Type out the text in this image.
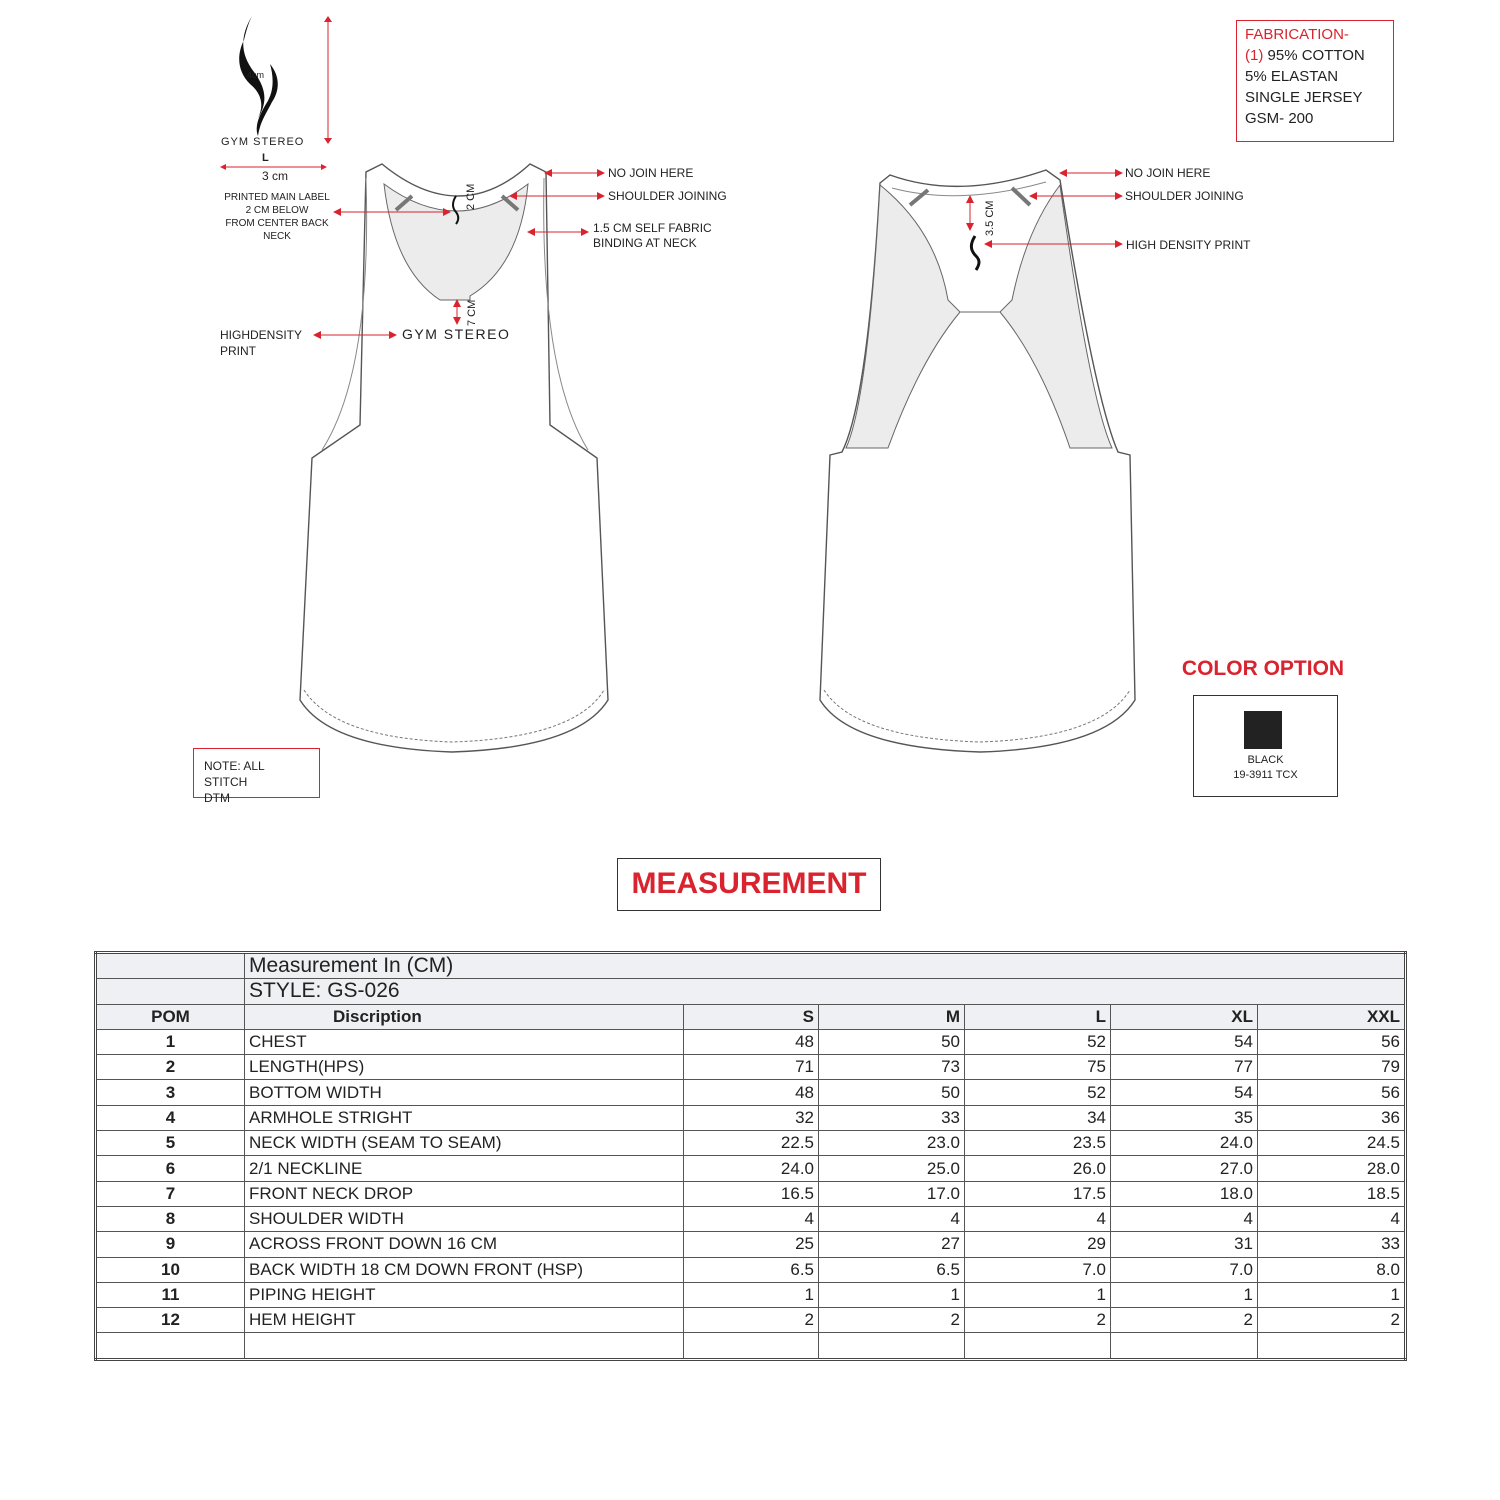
4cm
GYM STEREO
L
3 cm
GYM STEREO
2 CM
7 CM
3.5 CM
NO JOIN HERE
SHOULDER JOINING
1.5 CM SELF FABRIC
BINDING AT NECK
PRINTED MAIN LABEL
2 CM BELOW
FROM CENTER BACK
NECK
HIGHDENSITY
PRINT
NO JOIN HERE
SHOULDER JOINING
HIGH DENSITY PRINT
FABRICATION-
(1) 95% COTTON
5% ELASTAN
SINGLE JERSEY
GSM- 200
NOTE: ALL STITCH
DTM
COLOR OPTION
BLACK
19-3911 TCX
MEASUREMENT
	Measurement In (CM)					
	STYLE: GS-026					
POM	Discription	S	M	L	XL	XXL
1	CHEST	48	50	52	54	56
2	LENGTH(HPS)	71	73	75	77	79
3	BOTTOM WIDTH	48	50	52	54	56
4	ARMHOLE STRIGHT	32	33	34	35	36
5	NECK WIDTH (SEAM TO SEAM)	22.5	23.0	23.5	24.0	24.5
6	2/1 NECKLINE	24.0	25.0	26.0	27.0	28.0
7	FRONT NECK DROP	16.5	17.0	17.5	18.0	18.5
8	SHOULDER WIDTH	4	4	4	4	4
9	ACROSS FRONT DOWN 16 CM	25	27	29	31	33
10	BACK WIDTH 18 CM DOWN FRONT (HSP)	6.5	6.5	7.0	7.0	8.0
11	PIPING HEIGHT	1	1	1	1	1
12	HEM HEIGHT	2	2	2	2	2
